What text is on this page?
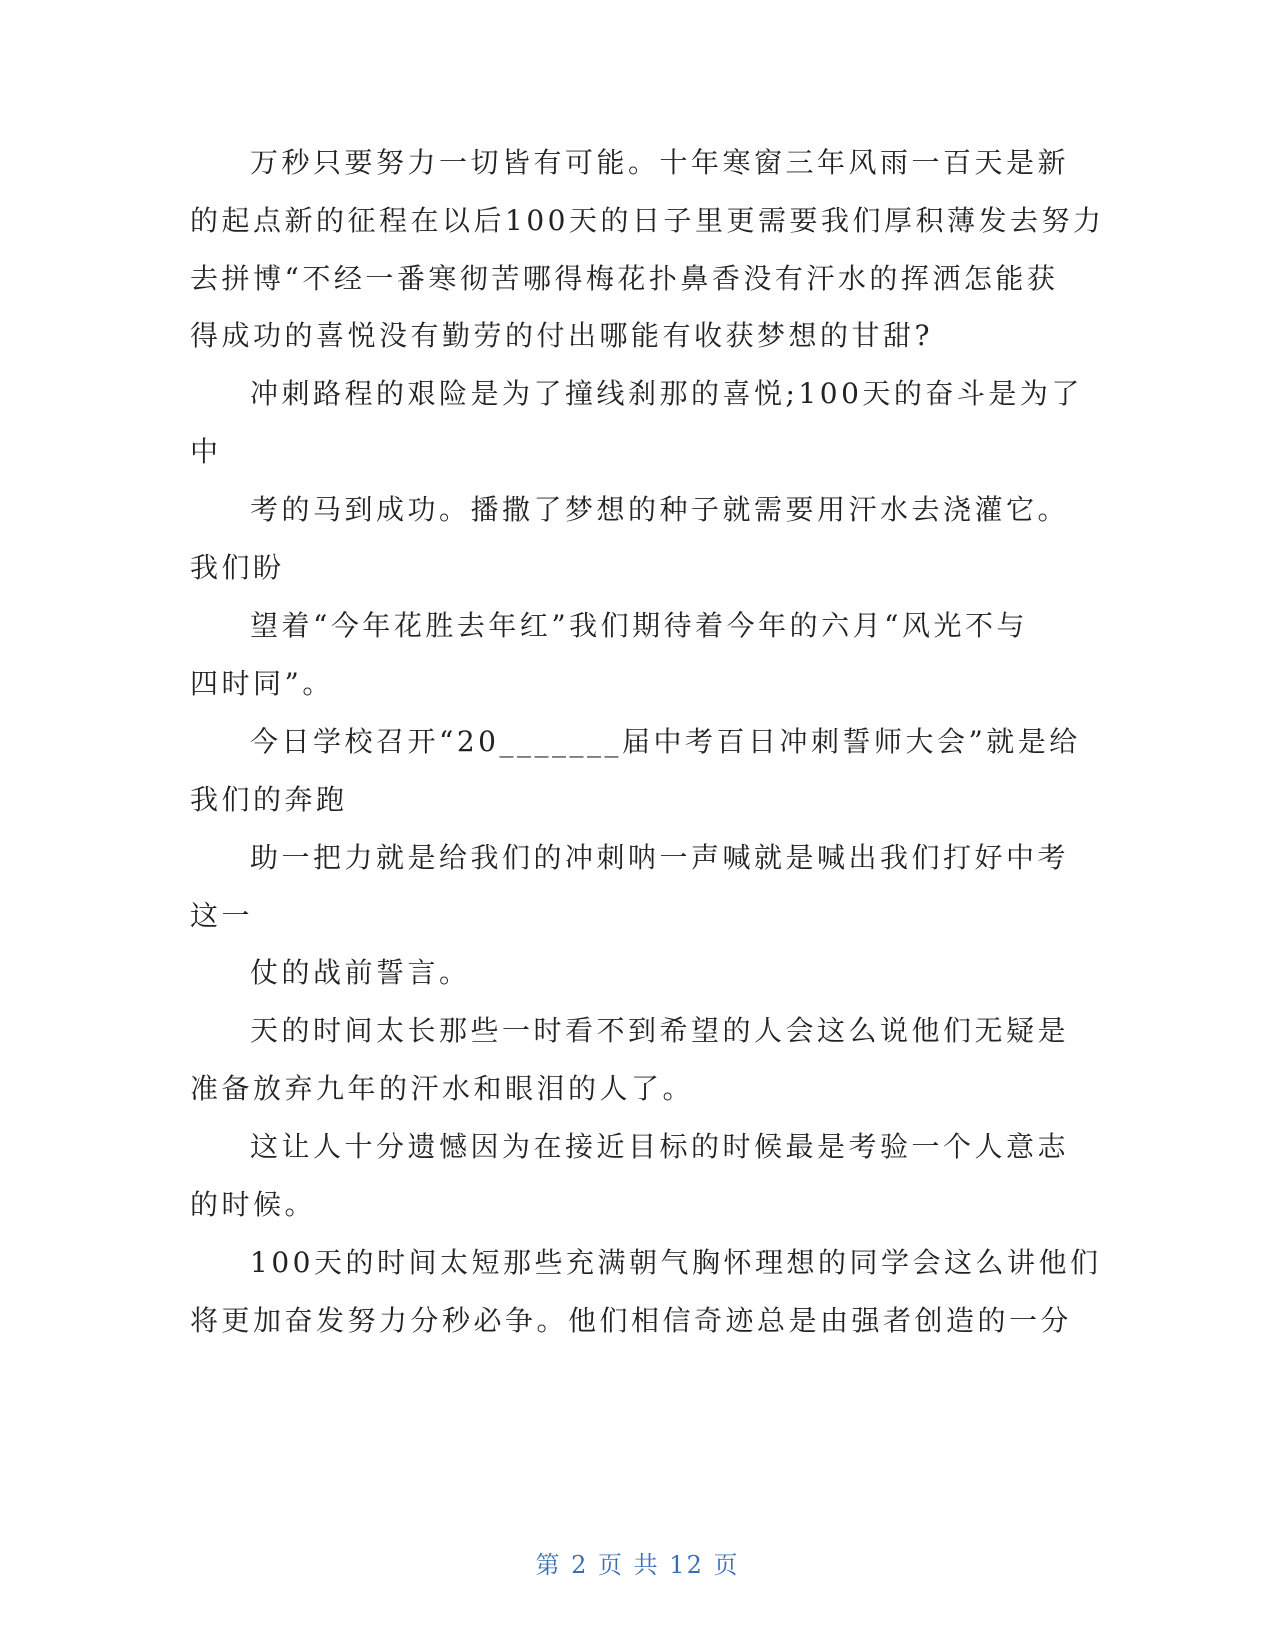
万秒只要努力一切皆有可能。十年寒窗三年风雨一百天是新
的起点新的征程在以后100天的日子里更需要我们厚积薄发去努力
去拼博“不经一番寒彻苦哪得梅花扑鼻香没有汗水的挥洒怎能获
得成功的喜悦没有勤劳的付出哪能有收获梦想的甘甜?
冲刺路程的艰险是为了撞线刹那的喜悦;100天的奋斗是为了
中
考的马到成功。播撒了梦想的种子就需要用汗水去浇灌它。
我们盼
望着“今年花胜去年红”我们期待着今年的六月“风光不与
四时同”。
今日学校召开“20_______届中考百日冲刺誓师大会”就是给
我们的奔跑
助一把力就是给我们的冲刺呐一声喊就是喊出我们打好中考
这一
仗的战前誓言。
天的时间太长那些一时看不到希望的人会这么说他们无疑是
准备放弃九年的汗水和眼泪的人了。
这让人十分遗憾因为在接近目标的时候最是考验一个人意志
的时候。
100天的时间太短那些充满朝气胸怀理想的同学会这么讲他们
将更加奋发努力分秒必争。他们相信奇迹总是由强者创造的一分
第 2 页 共 12 页
